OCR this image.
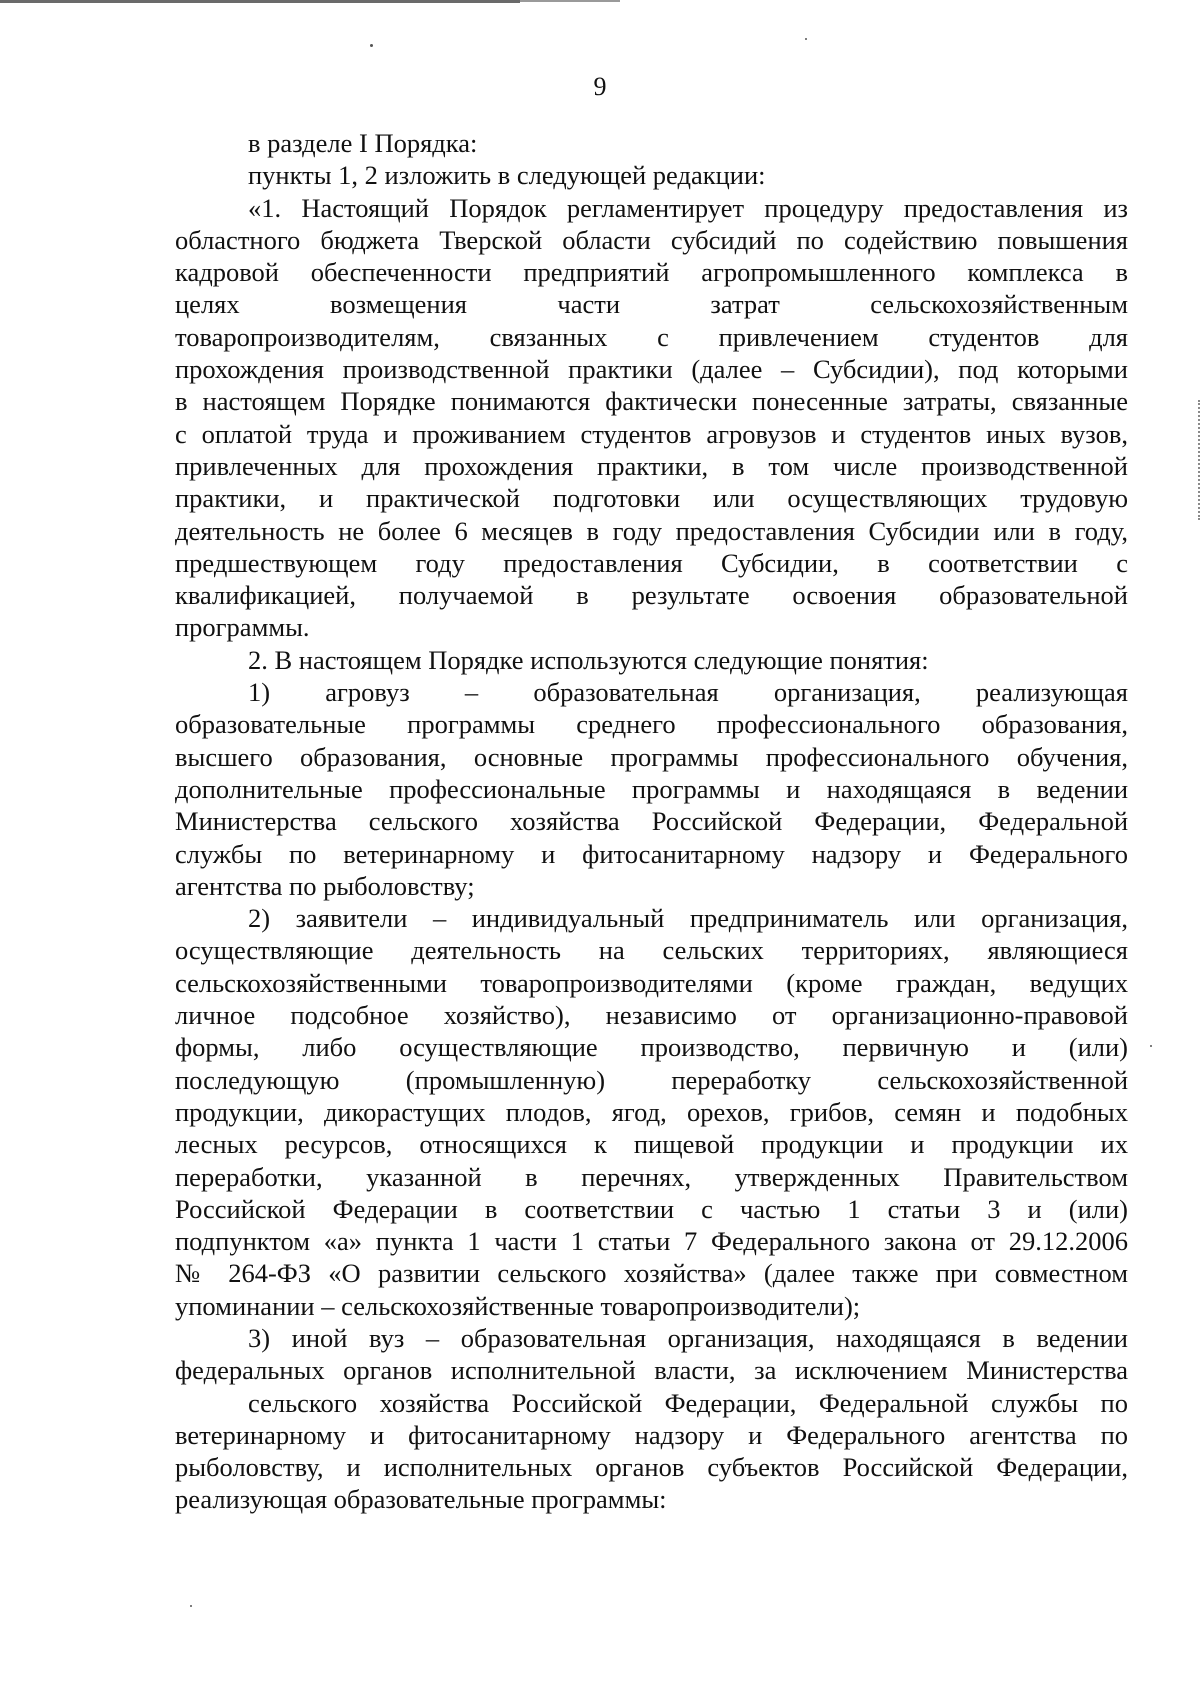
9
в разделе I Порядка:
пункты 1, 2 изложить в следующей редакции:
«1. Настоящий Порядок регламентирует процедуру предоставления из
областного бюджета Тверской области субсидий по содействию повышения
кадровой обеспеченности предприятий агропромышленного комплекса в
целях возмещения части затрат сельскохозяйственным
товаропроизводителям, связанных с привлечением студентов для
прохождения производственной практики (далее – Субсидии), под которыми
в настоящем Порядке понимаются фактически понесенные затраты, связанные
с оплатой труда и проживанием студентов агровузов и студентов иных вузов,
привлеченных для прохождения практики, в том числе производственной
практики, и практической подготовки или осуществляющих трудовую
деятельность не более 6 месяцев в году предоставления Субсидии или в году,
предшествующем году предоставления Субсидии, в соответствии с
квалификацией, получаемой в результате освоения образовательной
программы.
2. В настоящем Порядке используются следующие понятия:
1) агровуз – образовательная организация, реализующая
образовательные программы среднего профессионального образования,
высшего образования, основные программы профессионального обучения,
дополнительные профессиональные программы и находящаяся в ведении
Министерства сельского хозяйства Российской Федерации, Федеральной
службы по ветеринарному и фитосанитарному надзору и Федерального
агентства по рыболовству;
2) заявители – индивидуальный предприниматель или организация,
осуществляющие деятельность на сельских территориях, являющиеся
сельскохозяйственными товаропроизводителями (кроме граждан, ведущих
личное подсобное хозяйство), независимо от организационно-правовой
формы, либо осуществляющие производство, первичную и (или)
последующую (промышленную) переработку сельскохозяйственной
продукции, дикорастущих плодов, ягод, орехов, грибов, семян и подобных
лесных ресурсов, относящихся к пищевой продукции и продукции их
переработки, указанной в перечнях, утвержденных Правительством
Российской Федерации в соответствии с частью 1 статьи 3 и (или)
подпунктом «а» пункта 1 части 1 статьи 7 Федерального закона от 29.12.2006
№ 264-ФЗ «О развитии сельского хозяйства» (далее также при совместном
упоминании – сельскохозяйственные товаропроизводители);
3) иной вуз – образовательная организация, находящаяся в ведении
федеральных органов исполнительной власти, за исключением Министерства
сельского хозяйства Российской Федерации, Федеральной службы по
ветеринарному и фитосанитарному надзору и Федерального агентства по
рыболовству, и исполнительных органов субъектов Российской Федерации,
реализующая образовательные программы:
